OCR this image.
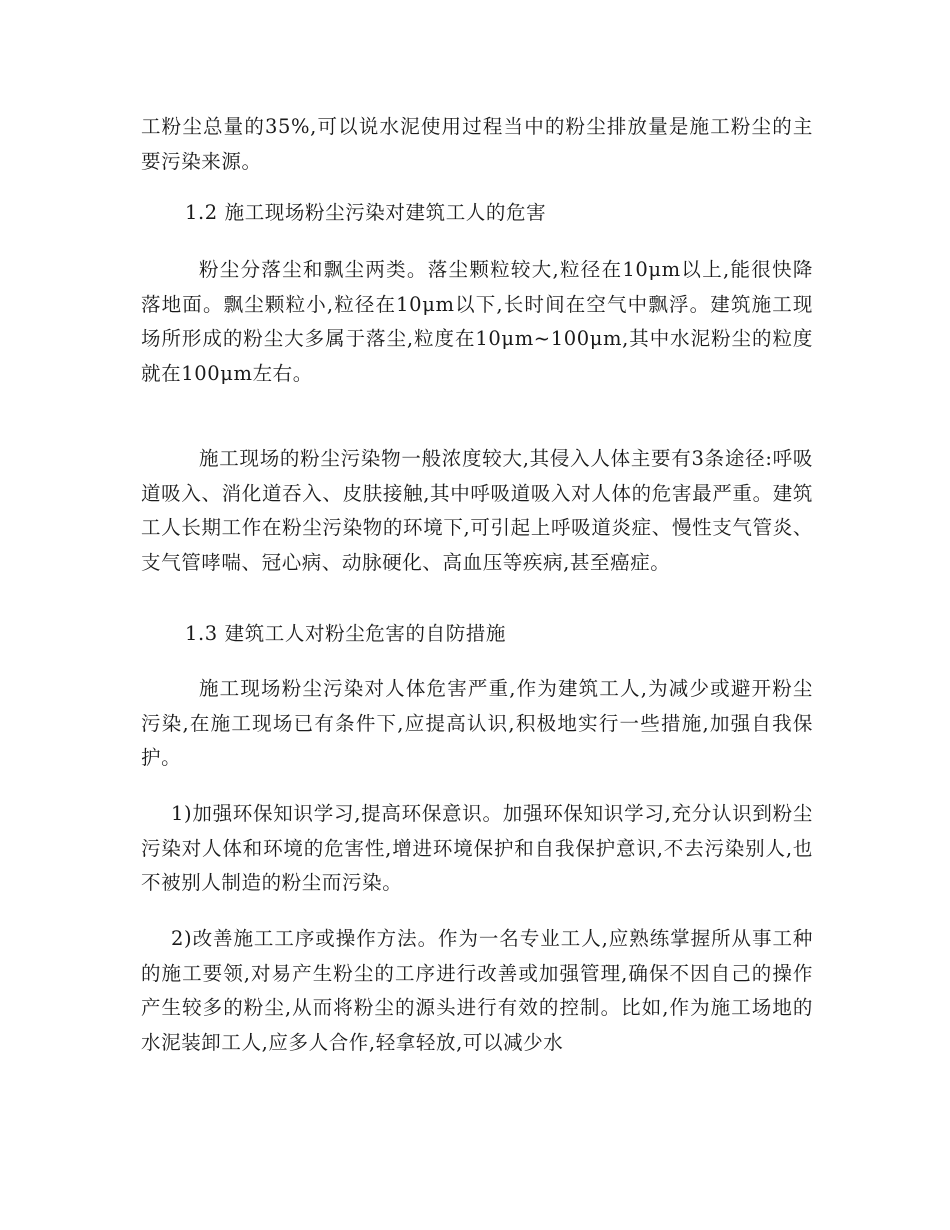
工粉尘总量的35%,可以说水泥使用过程当中的粉尘排放量是施工粉尘的主要污染来源。

1.2 施工现场粉尘污染对建筑工人的危害

粉尘分落尘和飘尘两类。落尘颗粒较大,粒径在10μm以上,能很快降落地面。飘尘颗粒小,粒径在10μm以下,长时间在空气中飘浮。建筑施工现场所形成的粉尘大多属于落尘,粒度在10μm~100μm,其中水泥粉尘的粒度就在100μm左右。

施工现场的粉尘污染物一般浓度较大,其侵入人体主要有3条途径:呼吸道吸入、消化道吞入、皮肤接触,其中呼吸道吸入对人体的危害最严重。建筑工人长期工作在粉尘污染物的环境下,可引起上呼吸道炎症、慢性支气管炎、支气管哮喘、冠心病、动脉硬化、高血压等疾病,甚至癌症。

1.3 建筑工人对粉尘危害的自防措施

施工现场粉尘污染对人体危害严重,作为建筑工人,为减少或避开粉尘污染,在施工现场已有条件下,应提高认识,积极地实行一些措施,加强自我保护。

1)加强环保知识学习,提高环保意识。加强环保知识学习,充分认识到粉尘污染对人体和环境的危害性,增进环境保护和自我保护意识,不去污染别人,也不被别人制造的粉尘而污染。

2)改善施工工序或操作方法。作为一名专业工人,应熟练掌握所从事工种的施工要领,对易产生粉尘的工序进行改善或加强管理,确保不因自己的操作产生较多的粉尘,从而将粉尘的源头进行有效的控制。比如,作为施工场地的水泥装卸工人,应多人合作,轻拿轻放,可以减少水
